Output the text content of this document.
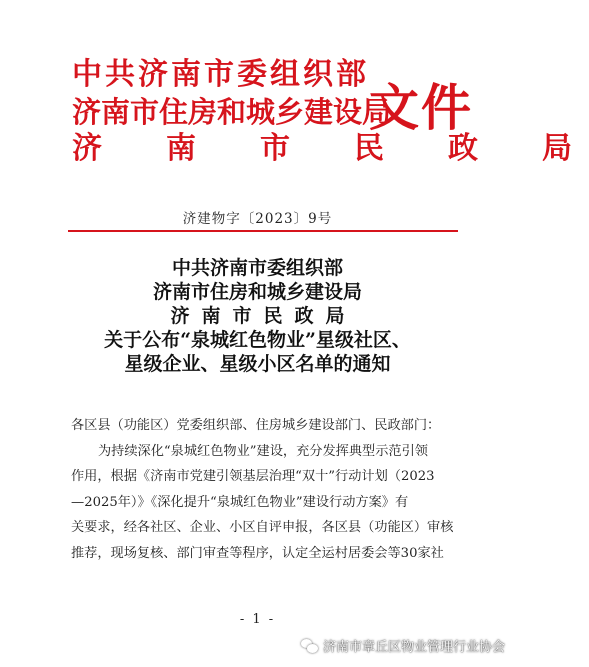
中共济南市委组织部
济南市住房和城乡建设局
济　南　市　民　政　局
文件
济建物字〔2023〕9号
中共济南市委组织部
济南市住房和城乡建设局
济南市民政局
关于公布“泉城红色物业”星级社区、
星级企业、星级小区名单的通知

各区县（功能区）党委组织部、住房城乡建设部门、民政部门：

为持续深化“泉城红色物业”建设，充分发挥典型示范引领
作用，根据《济南市党建引领基层治理“双十”行动计划（2023
—2025年）》《深化提升“泉城红色物业”建设行动方案》有
关要求，经各社区、企业、小区自评申报，各区县（功能区）审核
推荐，现场复核、部门审查等程序，认定全运村居委会等30家社

- 1 -
济南市章丘区物业管理行业协会
